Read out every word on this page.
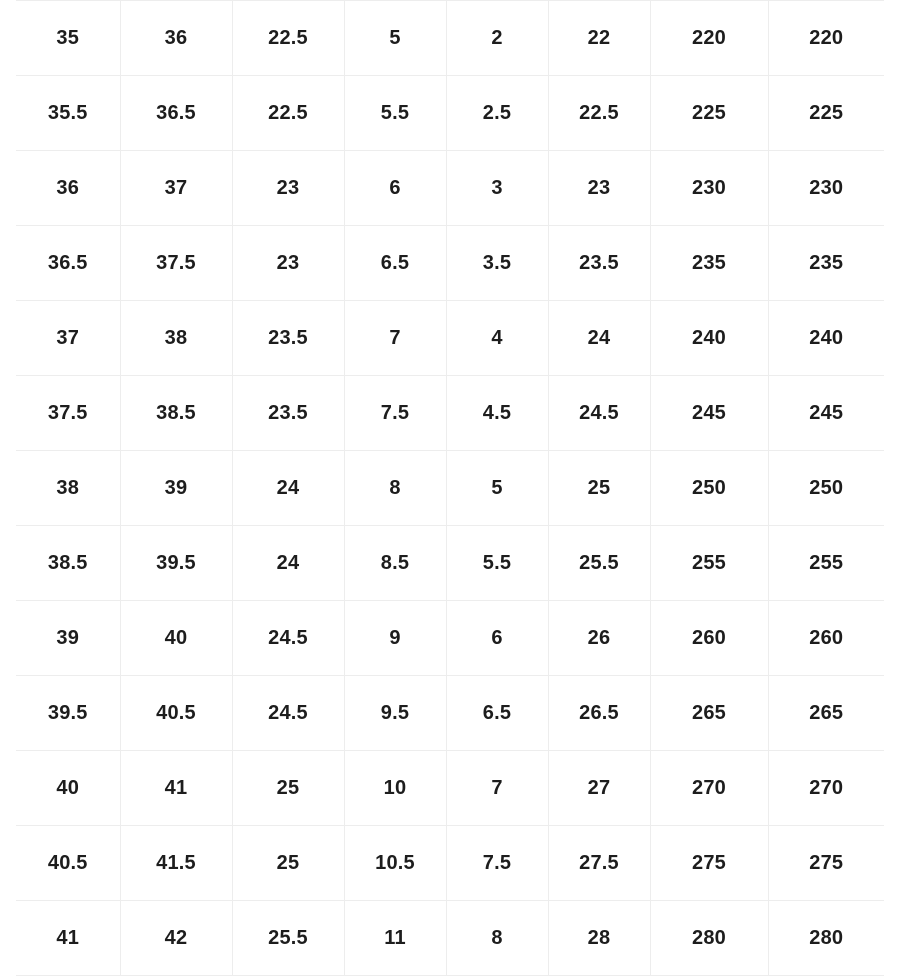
35	36	22.5	5	2	22	220	220
35.5	36.5	22.5	5.5	2.5	22.5	225	225
36	37	23	6	3	23	230	230
36.5	37.5	23	6.5	3.5	23.5	235	235
37	38	23.5	7	4	24	240	240
37.5	38.5	23.5	7.5	4.5	24.5	245	245
38	39	24	8	5	25	250	250
38.5	39.5	24	8.5	5.5	25.5	255	255
39	40	24.5	9	6	26	260	260
39.5	40.5	24.5	9.5	6.5	26.5	265	265
40	41	25	10	7	27	270	270
40.5	41.5	25	10.5	7.5	27.5	275	275
41	42	25.5	11	8	28	280	280
